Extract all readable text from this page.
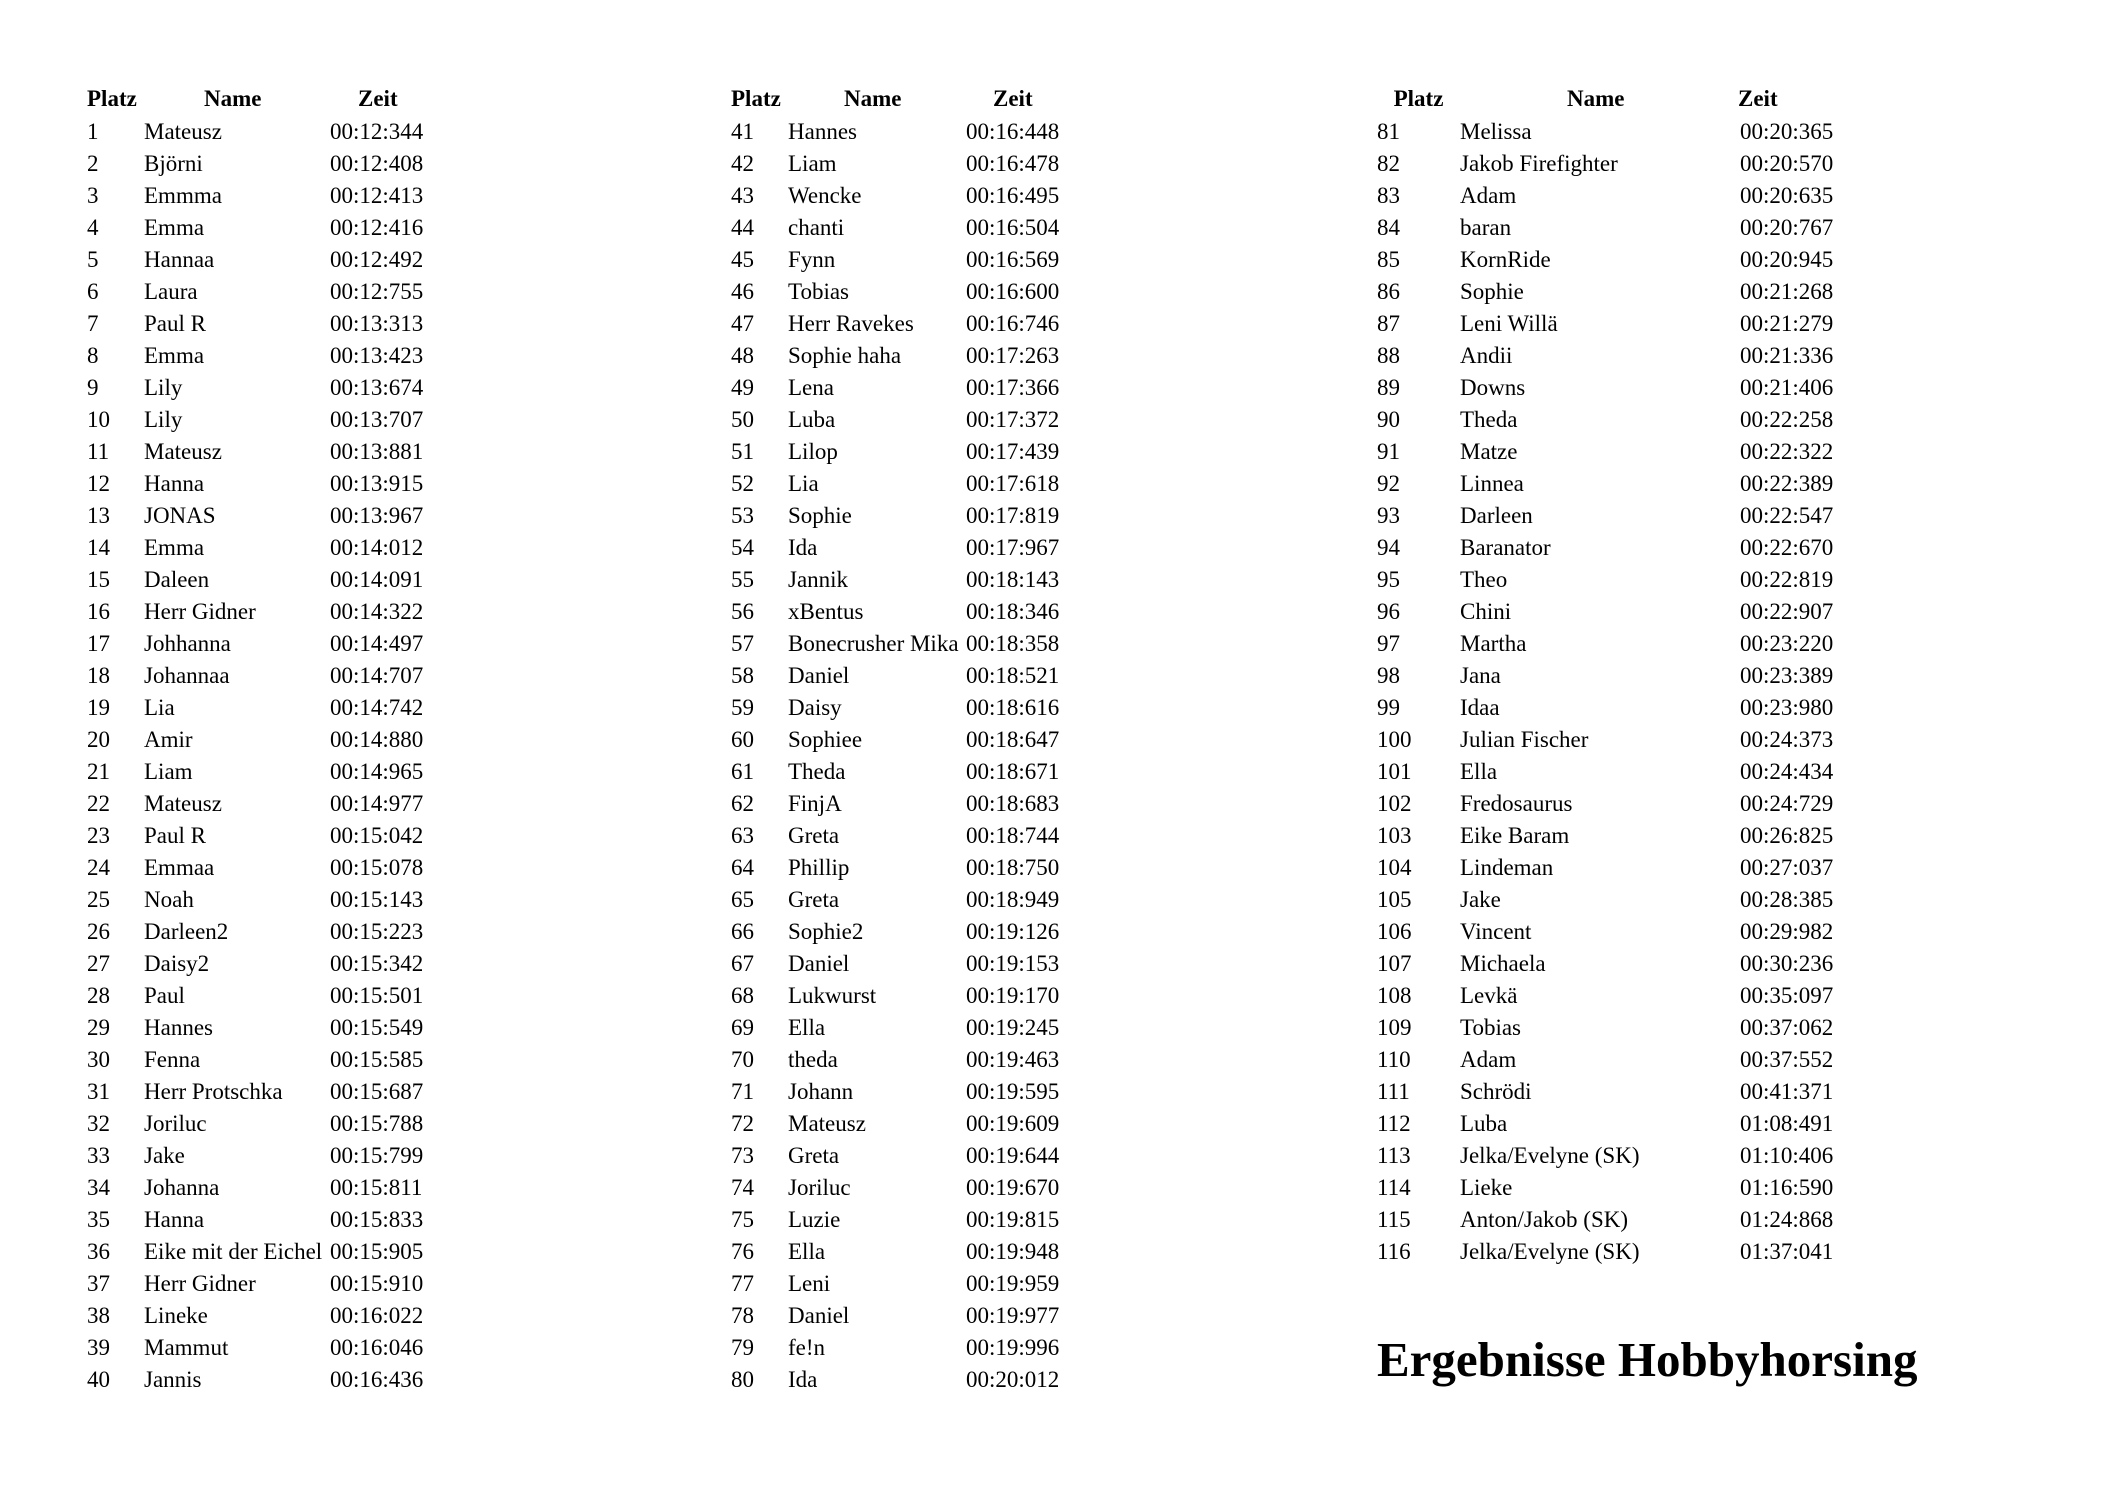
Platz	Name	Zeit
1	Mateusz	00:12:344
2	Björni	00:12:408
3	Emmma	00:12:413
4	Emma	00:12:416
5	Hannaa	00:12:492
6	Laura	00:12:755
7	Paul R	00:13:313
8	Emma	00:13:423
9	Lily	00:13:674
10	Lily	00:13:707
11	Mateusz	00:13:881
12	Hanna	00:13:915
13	JONAS	00:13:967
14	Emma	00:14:012
15	Daleen	00:14:091
16	Herr Gidner	00:14:322
17	Johhanna	00:14:497
18	Johannaa	00:14:707
19	Lia	00:14:742
20	Amir	00:14:880
21	Liam	00:14:965
22	Mateusz	00:14:977
23	Paul R	00:15:042
24	Emmaa	00:15:078
25	Noah	00:15:143
26	Darleen2	00:15:223
27	Daisy2	00:15:342
28	Paul	00:15:501
29	Hannes	00:15:549
30	Fenna	00:15:585
31	Herr Protschka	00:15:687
32	Joriluc	00:15:788
33	Jake	00:15:799
34	Johanna	00:15:811
35	Hanna	00:15:833
36	Eike mit der Eichel	00:15:905
37	Herr Gidner	00:15:910
38	Lineke	00:16:022
39	Mammut	00:16:046
40	Jannis	00:16:436
Platz	Name	Zeit
41	Hannes	00:16:448
42	Liam	00:16:478
43	Wencke	00:16:495
44	chanti	00:16:504
45	Fynn	00:16:569
46	Tobias	00:16:600
47	Herr Ravekes	00:16:746
48	Sophie haha	00:17:263
49	Lena	00:17:366
50	Luba	00:17:372
51	Lilop	00:17:439
52	Lia	00:17:618
53	Sophie	00:17:819
54	Ida	00:17:967
55	Jannik	00:18:143
56	xBentus	00:18:346
57	Bonecrusher Mika	00:18:358
58	Daniel	00:18:521
59	Daisy	00:18:616
60	Sophiee	00:18:647
61	Theda	00:18:671
62	FinjA	00:18:683
63	Greta	00:18:744
64	Phillip	00:18:750
65	Greta	00:18:949
66	Sophie2	00:19:126
67	Daniel	00:19:153
68	Lukwurst	00:19:170
69	Ella	00:19:245
70	theda	00:19:463
71	Johann	00:19:595
72	Mateusz	00:19:609
73	Greta	00:19:644
74	Joriluc	00:19:670
75	Luzie	00:19:815
76	Ella	00:19:948
77	Leni	00:19:959
78	Daniel	00:19:977
79	fe!n	00:19:996
80	Ida	00:20:012
Platz	Name	Zeit
81	Melissa	00:20:365
82	Jakob Firefighter	00:20:570
83	Adam	00:20:635
84	baran	00:20:767
85	KornRide	00:20:945
86	Sophie	00:21:268
87	Leni Willä	00:21:279
88	Andii	00:21:336
89	Downs	00:21:406
90	Theda	00:22:258
91	Matze	00:22:322
92	Linnea	00:22:389
93	Darleen	00:22:547
94	Baranator	00:22:670
95	Theo	00:22:819
96	Chini	00:22:907
97	Martha	00:23:220
98	Jana	00:23:389
99	Idaa	00:23:980
100	Julian Fischer	00:24:373
101	Ella	00:24:434
102	Fredosaurus	00:24:729
103	Eike Baram	00:26:825
104	Lindeman	00:27:037
105	Jake	00:28:385
106	Vincent	00:29:982
107	Michaela	00:30:236
108	Levkä	00:35:097
109	Tobias	00:37:062
110	Adam	00:37:552
111	Schrödi	00:41:371
112	Luba	01:08:491
113	Jelka/Evelyne (SK)	01:10:406
114	Lieke	01:16:590
115	Anton/Jakob (SK)	01:24:868
116	Jelka/Evelyne (SK)	01:37:041
Ergebnisse Hobbyhorsing
